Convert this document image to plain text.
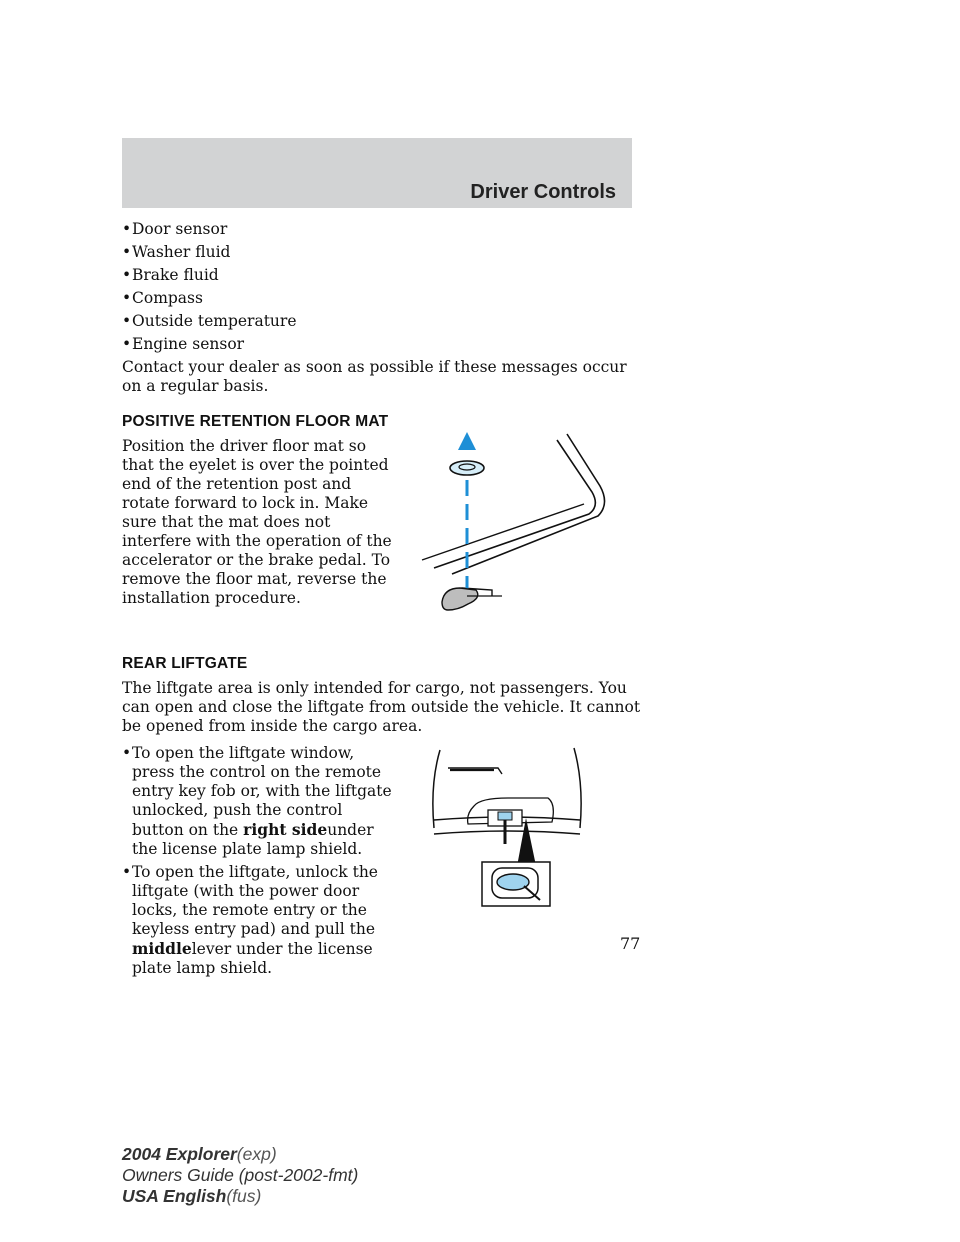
Driver Controls
• Door sensor
• Washer fluid
• Brake fluid
• Compass
• Outside temperature
• Engine sensor

Contact your dealer as soon as possible if these messages occur on a regular basis.

POSITIVE RETENTION FLOOR MAT

Position the driver floor mat so that the eyelet is over the pointed end of the retention post and rotate forward to lock in. Make sure that the mat does not interfere with the operation of the accelerator or the brake pedal. To remove the floor mat, reverse the installation procedure.

REAR LIFTGATE

The liftgate area is only intended for cargo, not passengers. You can open and close the liftgate from outside the vehicle. It cannot be opened from inside the cargo area.

• To open the liftgate window, press the control on the remote entry key fob or, with the liftgate unlocked, push the control button on the right sideunder the license plate lamp shield.
• To open the liftgate, unlock the liftgate (with the power door locks, the remote entry or the keyless entry pad) and pull the middlelever under the license plate lamp shield.
77
2004 Explorer(exp)
Owners Guide (post-2002-fmt)
USA English(fus)
